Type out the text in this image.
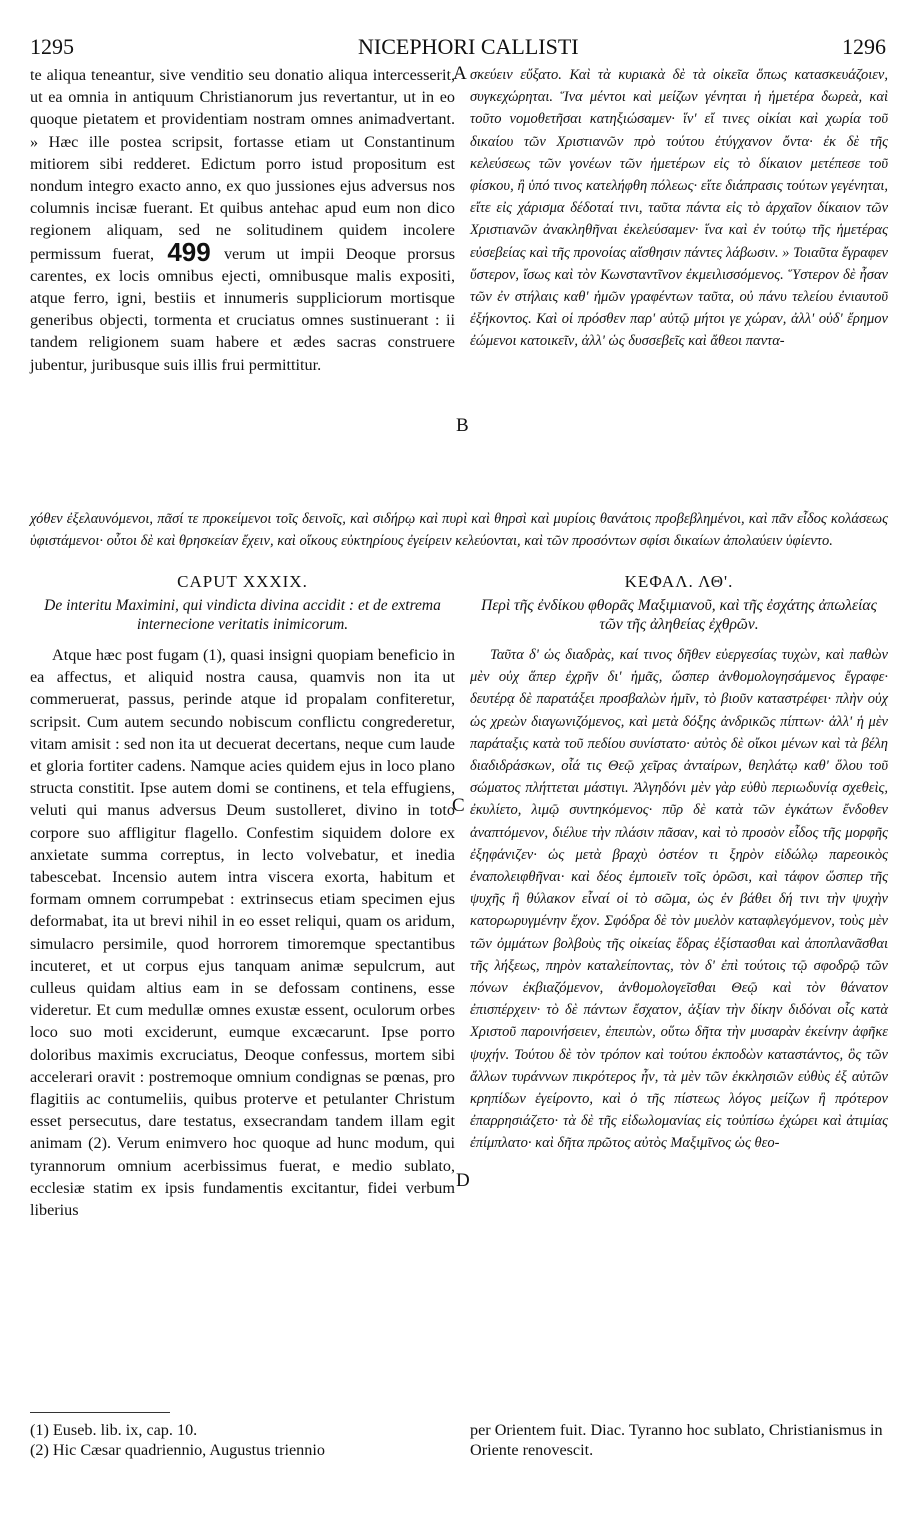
1295	NICEPHORI CALLISTI	1296
A
B
C
D

te aliqua teneantur, sive venditio seu donatio aliqua intercesserit, ut ea omnia in antiquum Christianorum jus revertantur, ut in eo quoque pietatem et providentiam nostram omnes animadvertant. » Hæc ille postea scripsit, fortasse etiam ut Constantinum mitiorem sibi redderet. Edictum porro istud propositum est nondum integro exacto anno, ex quo jussiones ejus adversus nos columnis incisæ fuerant. Et quibus antehac apud eum non dico regionem aliquam, sed ne solitudinem quidem incolere permissum fuerat, 499 verum ut impii Deoque prorsus carentes, ex locis omnibus ejecti, omnibusque malis expositi, atque ferro, igni, bestiis et innumeris suppliciorum mortisque generibus objecti, tormenta et cruciatus omnes sustinuerant : ii tandem religionem suam habere et ædes sacras construere jubentur, juribusque suis illis frui permittitur.

σκεύειν εὔξατο. Καὶ τὰ κυριακὰ δὲ τὰ οἰκεῖα ὅπως κατασκευάζοιεν, συγκεχώρηται. Ἵνα μέντοι καὶ μείζων γένηται ἡ ἡμετέρα δωρεὰ, καὶ τοῦτο νομοθετῆσαι κατηξιώσαμεν· ἵν' εἴ τινες οἰκίαι καὶ χωρία τοῦ δικαίου τῶν Χριστιανῶν πρὸ τούτου ἐτύγχανον ὄντα· ἐκ δὲ τῆς κελεύσεως τῶν γονέων τῶν ἡμετέρων εἰς τὸ δίκαιον μετέπεσε τοῦ φίσκου, ἢ ὑπό τινος κατελήφθη πόλεως· εἴτε διάπρασις τούτων γεγένηται, εἴτε εἰς χάρισμα δέδοταί τινι, ταῦτα πάντα εἰς τὸ ἀρχαῖον δίκαιον τῶν Χριστιανῶν ἀνακληθῆναι ἐκελεύσαμεν· ἵνα καὶ ἐν τούτῳ τῆς ἡμετέρας εὐσεβείας καὶ τῆς προνοίας αἴσθησιν πάντες λάβωσιν. » Τοιαῦτα ἔγραφεν ὕστερον, ἴσως καὶ τὸν Κωνσταντῖνον ἐκμειλισσόμενος. Ὕστερον δὲ ἦσαν τῶν ἐν στήλαις καθ' ἡμῶν γραφέντων ταῦτα, οὐ πάνυ τελείου ἐνιαυτοῦ ἐξήκοντος. Καὶ οἱ πρόσθεν παρ' αὐτῷ μήτοι γε χώραν, ἀλλ' οὐδ' ἔρημον ἐώμενοι κατοικεῖν, ἀλλ' ὡς δυσσεβεῖς καὶ ἄθεοι παντα-

χόθεν ἐξελαυνόμενοι, πᾶσί τε προκείμενοι τοῖς δεινοῖς, καὶ σιδήρῳ καὶ πυρὶ καὶ θηρσὶ καὶ μυρίοις θανάτοις προβεβλημένοι, καὶ πᾶν εἶδος κολάσεως ὑφιστάμενοι· οὗτοι δὲ καὶ θρησκείαν ἔχειν, καὶ οἴκους εὐκτηρίους ἐγείρειν κελεύονται, καὶ τῶν προσόντων σφίσι δικαίων ἀπολαύειν ὑφίεντο.

CAPUT XXXIX.
De interitu Maximini, qui vindicta divina accidit : et de extrema internecione veritatis inimicorum.
ΚΕΦΑΛ. ΛΘ'.
Περὶ τῆς ἐνδίκου φθορᾶς Μαξιμιανοῦ, καὶ τῆς ἐσχάτης ἀπωλείας τῶν τῆς ἀληθείας ἐχθρῶν.

Atque hæc post fugam (1), quasi insigni quopiam beneficio in ea affectus, et aliquid nostra causa, quamvis non ita ut commeruerat, passus, perinde atque id propalam confiteretur, scripsit. Cum autem secundo nobiscum conflictu congrederetur, vitam amisit : sed non ita ut decuerat decertans, neque cum laude et gloria fortiter cadens. Namque acies quidem ejus in loco plano structa constitit. Ipse autem domi se continens, et tela effugiens, veluti qui manus adversus Deum sustolleret, divino in toto corpore suo affligitur flagello. Confestim siquidem dolore ex anxietate summa correptus, in lecto volvebatur, et inedia tabescebat. Incensio autem intra viscera exorta, habitum et formam omnem corrumpebat : extrinsecus etiam specimen ejus deformabat, ita ut brevi nihil in eo esset reliqui, quam os aridum, simulacro persimile, quod horrorem timoremque spectantibus incuteret, et ut corpus ejus tanquam animæ sepulcrum, aut culleus quidam altius eam in se defossam continens, esse videretur. Et cum medullæ omnes exustæ essent, oculorum orbes loco suo moti exciderunt, eumque excæcarunt. Ipse porro doloribus maximis excruciatus, Deoque confessus, mortem sibi accelerari oravit : postremoque omnium condignas se pœnas, pro flagitiis ac contumeliis, quibus proterve et petulanter Christum esset persecutus, dare testatus, exsecrandam tandem illam egit animam (2). Verum enimvero hoc quoque ad hunc modum, qui tyrannorum omnium acerbissimus fuerat, e medio sublato, ecclesiæ statim ex ipsis fundamentis excitantur, fidei verbum liberius

Ταῦτα δ' ὡς διαδρὰς, καί τινος δῆθεν εὐεργεσίας τυχὼν, καὶ παθὼν μὲν οὐχ ἅπερ ἐχρῆν δι' ἡμᾶς, ὥσπερ ἀνθομολογησάμενος ἔγραφε· δευτέρᾳ δὲ παρατάξει προσβαλὼν ἡμῖν, τὸ βιοῦν καταστρέφει· πλὴν οὐχ ὡς χρεὼν διαγωνιζόμενος, καὶ μετὰ δόξης ἀνδρικῶς πίπτων· ἀλλ' ἡ μὲν παράταξις κατὰ τοῦ πεδίου συνίστατο· αὐτὸς δὲ οἴκοι μένων καὶ τὰ βέλη διαδιδράσκων, οἷά τις Θεῷ χεῖρας ἀνταίρων, θεηλάτῳ καθ' ὅλου τοῦ σώματος πλήττεται μάστιγι. Ἀλγηδόνι μὲν γὰρ εὐθὺ περιωδυνίᾳ σχεθεὶς, ἐκυλίετο, λιμῷ συντηκόμενος· πῦρ δὲ κατὰ τῶν ἐγκάτων ἔνδοθεν ἀναπτόμενον, διέλυε τὴν πλάσιν πᾶσαν, καὶ τὸ προσὸν εἶδος τῆς μορφῆς ἐξηφάνιζεν· ὡς μετὰ βραχὺ ὀστέον τι ξηρὸν εἰδώλῳ παρεοικὸς ἐναπολειφθῆναι· καὶ δέος ἐμποιεῖν τοῖς ὁρῶσι, καὶ τάφον ὥσπερ τῆς ψυχῆς ἢ θύλακον εἶναί οἱ τὸ σῶμα, ὡς ἐν βάθει δή τινι τὴν ψυχὴν κατορωρυγμένην ἔχον. Σφόδρα δὲ τὸν μυελὸν καταφλεγόμενον, τοὺς μὲν τῶν ὀμμάτων βολβοὺς τῆς οἰκείας ἕδρας ἐξίστασθαι καὶ ἀποπλανᾶσθαι τῆς λήξεως, πηρὸν καταλείποντας, τὸν δ' ἐπὶ τούτοις τῷ σφοδρῷ τῶν πόνων ἐκβιαζόμενον, ἀνθομολογεῖσθαι Θεῷ καὶ τὸν θάνατον ἐπισπέρχειν· τὸ δὲ πάντων ἔσχατον, ἀξίαν τὴν δίκην διδόναι οἷς κατὰ Χριστοῦ παροινήσειεν, ἐπειπὼν, οὕτω δῆτα τὴν μυσαρὰν ἐκείνην ἀφῆκε ψυχήν. Τούτου δὲ τὸν τρόπον καὶ τούτου ἐκποδὼν καταστάντος, ὃς τῶν ἄλλων τυράννων πικρότερος ἦν, τὰ μὲν τῶν ἐκκλησιῶν εὐθὺς ἐξ αὐτῶν κρηπίδων ἐγείροντο, καὶ ὁ τῆς πίστεως λόγος μείζων ἢ πρότερον ἐπαρρησιάζετο· τὰ δὲ τῆς εἰδωλομανίας εἰς τοὐπίσω ἐχώρει καὶ ἀτιμίας ἐπίμπλατο· καὶ δῆτα πρῶτος αὐτὸς Μαξιμῖνος ὡς θεο-

(1) Euseb. lib. ix, cap. 10.
(2) Hic Cæsar quadriennio, Augustus triennio
per Orientem fuit. Diac. Tyranno hoc sublato, Christianismus in Oriente renovescit.
